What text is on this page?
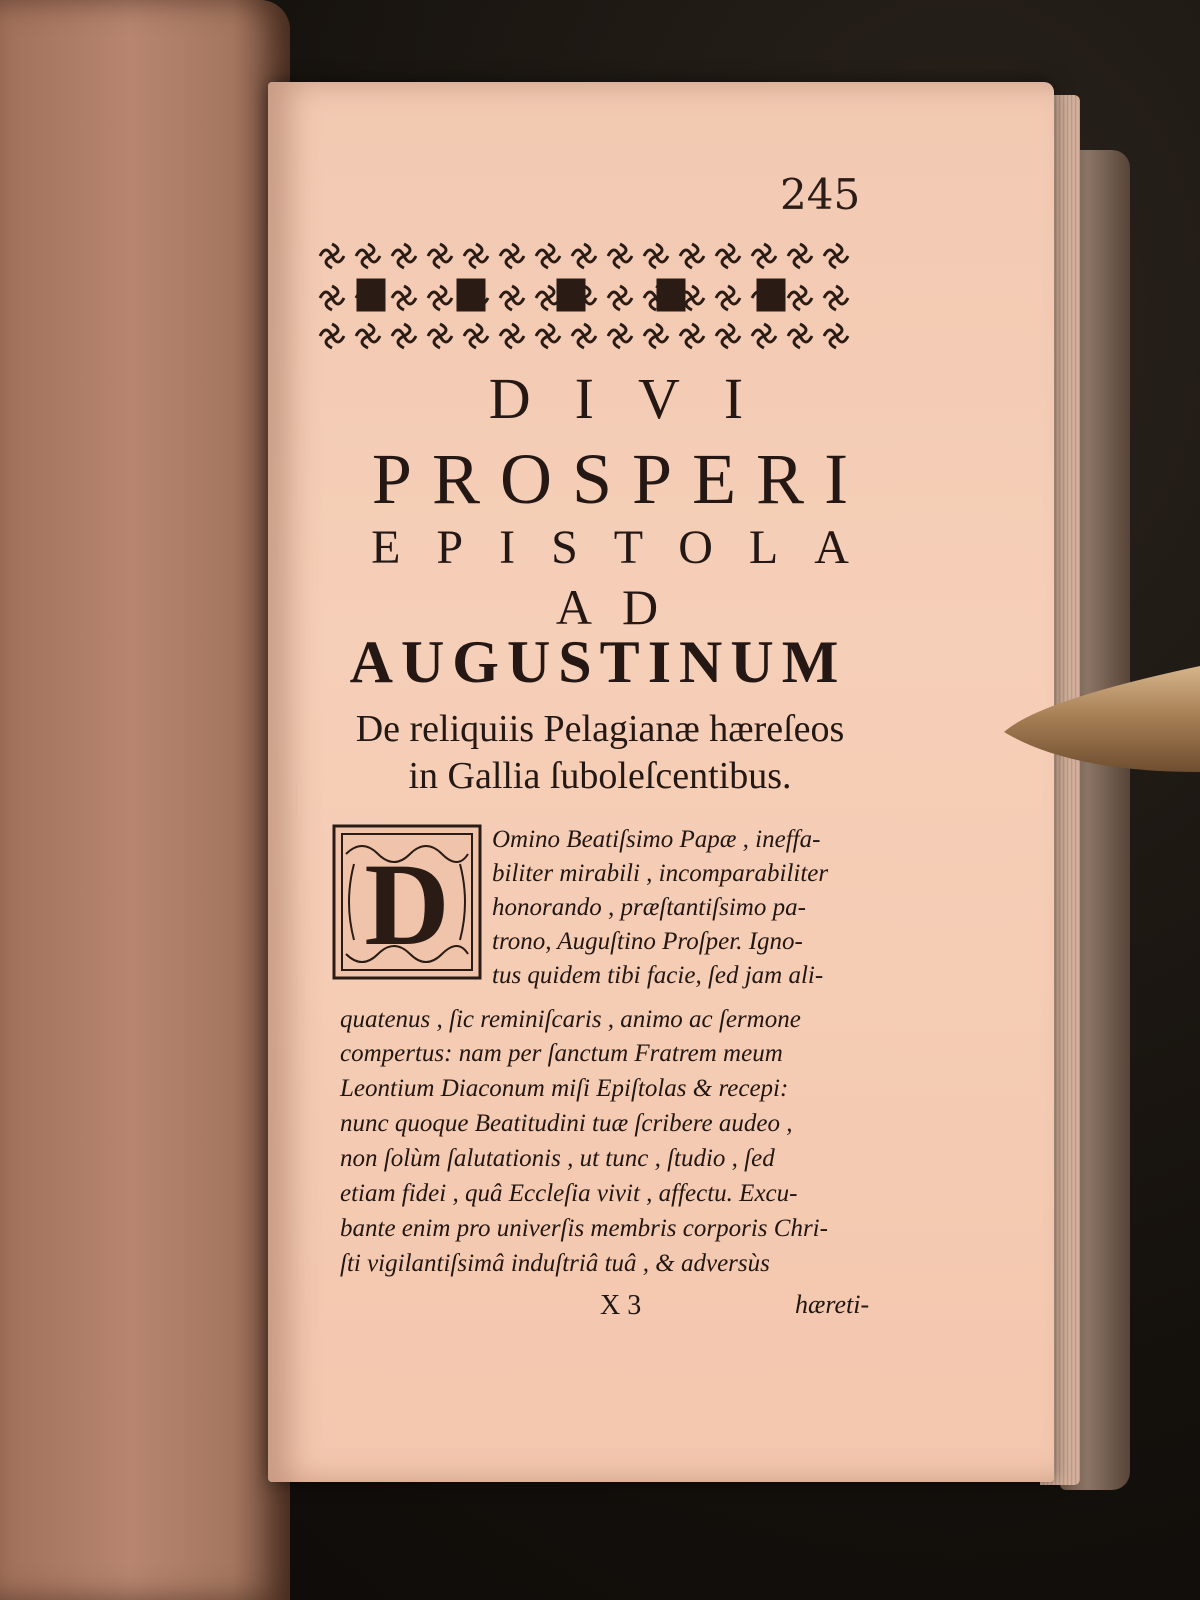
245
DIVI
PROSPERI
EPISTOLA
AD
AUGUSTINUM
De reliquiis Pelagianæ hæreſeos
in Gallia ſuboleſcentibus.
D Omino Beatiſsimo Papæ , ineffa-
biliter mirabili , incomparabiliter
honorando , præſtantiſsimo pa-
trono, Auguſtino Proſper. Igno-
tus quidem tibi facie, ſed jam ali-
quatenus , ſic reminiſcaris , animo ac ſermone
compertus: nam per ſanctum Fratrem meum
Leontium Diaconum miſi Epiſtolas & recepi:
nunc quoque Beatitudini tuæ ſcribere audeo ,
non ſolùm ſalutationis , ut tunc , ſtudio , ſed
etiam fidei , quâ Eccleſia vivit , affectu. Excu-
bante enim pro univerſis membris corporis Chri-
ſti vigilantiſsimâ induſtriâ tuâ , & adversùs
X 3	hæreti-
